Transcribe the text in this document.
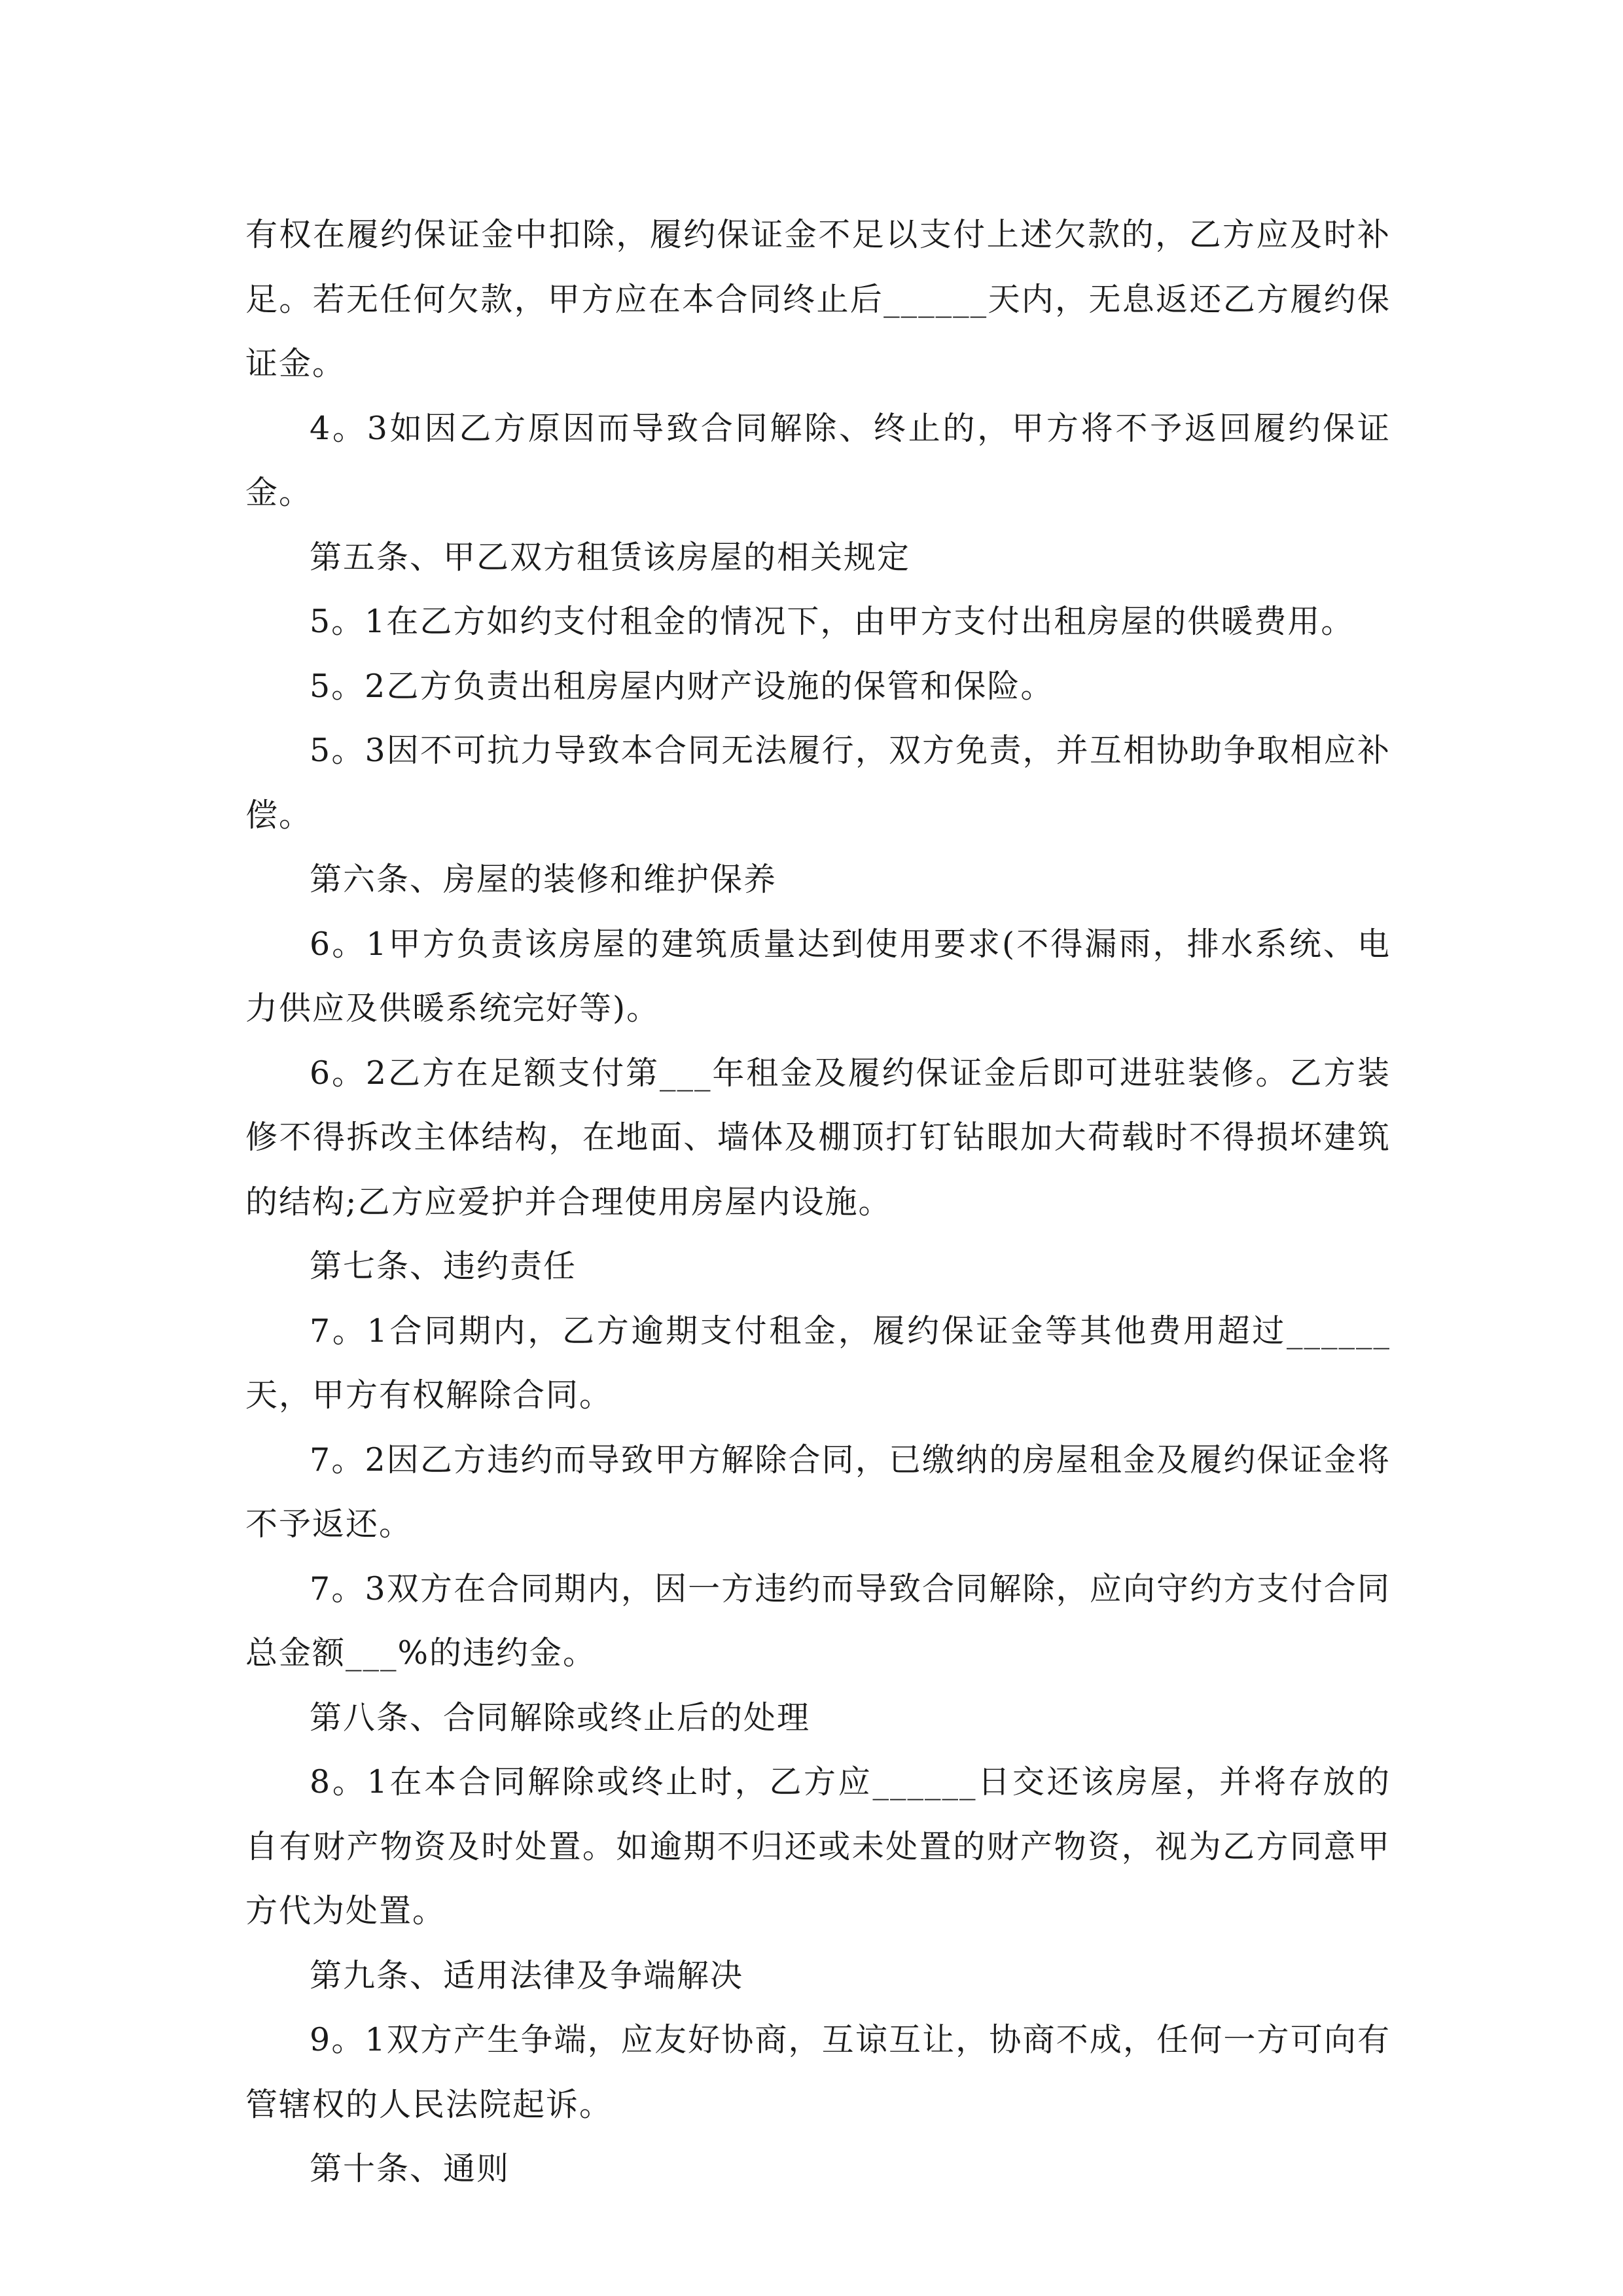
有权在履约保证金中扣除，履约保证金不足以支付上述欠款的，乙方应及时补足。若无任何欠款，甲方应在本合同终止后______天内，无息返还乙方履约保证金。

4。3如因乙方原因而导致合同解除、终止的，甲方将不予返回履约保证金。

第五条、甲乙双方租赁该房屋的相关规定

5。1在乙方如约支付租金的情况下，由甲方支付出租房屋的供暖费用。

5。2乙方负责出租房屋内财产设施的保管和保险。

5。3因不可抗力导致本合同无法履行，双方免责，并互相协助争取相应补偿。

第六条、房屋的装修和维护保养

6。1甲方负责该房屋的建筑质量达到使用要求(不得漏雨，排水系统、电力供应及供暖系统完好等)。

6。2乙方在足额支付第___年租金及履约保证金后即可进驻装修。乙方装修不得拆改主体结构，在地面、墙体及棚顶打钉钻眼加大荷载时不得损坏建筑的结构;乙方应爱护并合理使用房屋内设施。

第七条、违约责任

7。1合同期内，乙方逾期支付租金，履约保证金等其他费用超过______天，甲方有权解除合同。

7。2因乙方违约而导致甲方解除合同，已缴纳的房屋租金及履约保证金将不予返还。

7。3双方在合同期内，因一方违约而导致合同解除，应向守约方支付合同总金额___%的违约金。

第八条、合同解除或终止后的处理

8。1在本合同解除或终止时，乙方应______日交还该房屋，并将存放的自有财产物资及时处置。如逾期不归还或未处置的财产物资，视为乙方同意甲方代为处置。

第九条、适用法律及争端解决

9。1双方产生争端，应友好协商，互谅互让，协商不成，任何一方可向有管辖权的人民法院起诉。

第十条、通则
